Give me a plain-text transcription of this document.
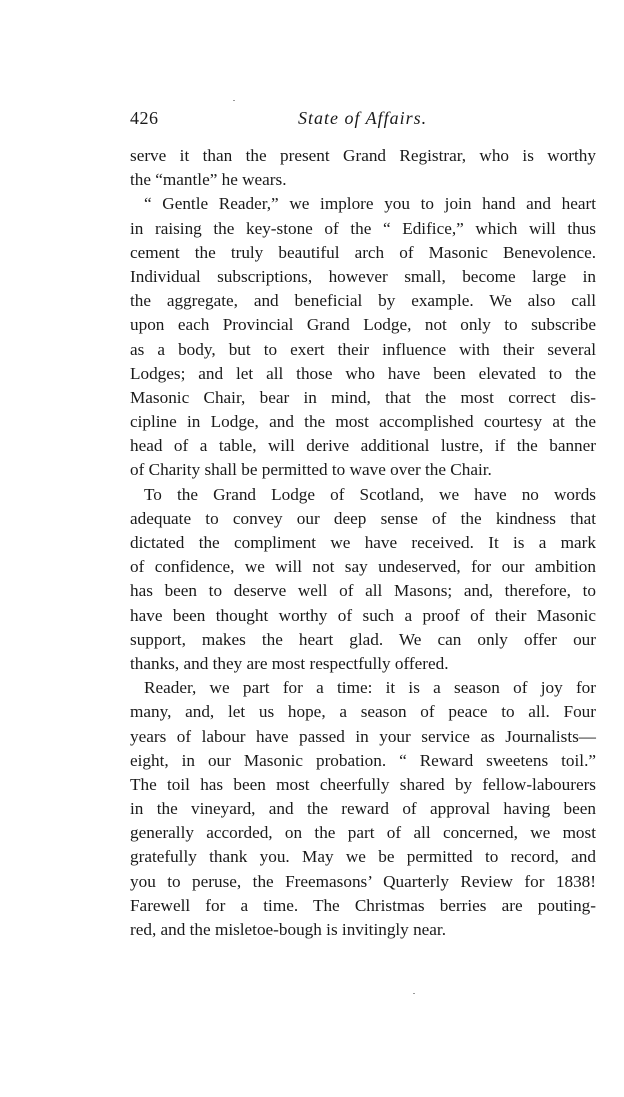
426	State of Affairs.
serve it than the present Grand Registrar, who is worthy
the “mantle” he wears.
“ Gentle Reader,” we implore you to join hand and heart
in raising the key-stone of the “ Edifice,” which will thus
cement the truly beautiful arch of Masonic Benevolence.
Individual subscriptions, however small, become large in
the aggregate, and beneficial by example. We also call
upon each Provincial Grand Lodge, not only to subscribe
as a body, but to exert their influence with their several
Lodges; and let all those who have been elevated to the
Masonic Chair, bear in mind, that the most correct dis-
cipline in Lodge, and the most accomplished courtesy at the
head of a table, will derive additional lustre, if the banner
of Charity shall be permitted to wave over the Chair.
To the Grand Lodge of Scotland, we have no words
adequate to convey our deep sense of the kindness that
dictated the compliment we have received. It is a mark
of confidence, we will not say undeserved, for our ambition
has been to deserve well of all Masons; and, therefore, to
have been thought worthy of such a proof of their Masonic
support, makes the heart glad. We can only offer our
thanks, and they are most respectfully offered.
Reader, we part for a time: it is a season of joy for
many, and, let us hope, a season of peace to all. Four
years of labour have passed in your service as Journalists—
eight, in our Masonic probation. “ Reward sweetens toil.”
The toil has been most cheerfully shared by fellow-labourers
in the vineyard, and the reward of approval having been
generally accorded, on the part of all concerned, we most
gratefully thank you. May we be permitted to record, and
you to peruse, the Freemasons’ Quarterly Review for 1838!
Farewell for a time. The Christmas berries are pouting-
red, and the misletoe-bough is invitingly near.
